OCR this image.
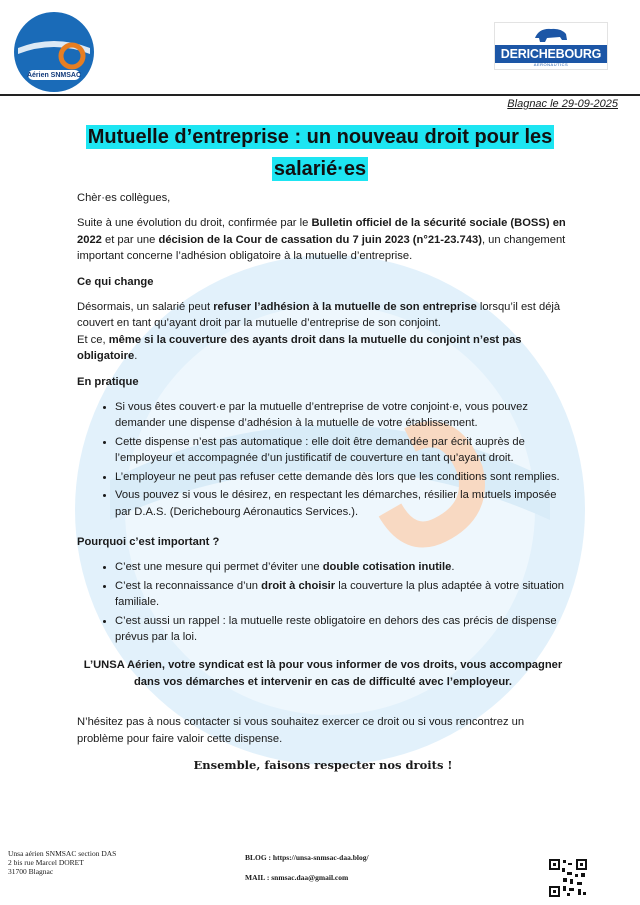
Aérien SNMSAC
DERICHEBOURG
AERONAUTICS
Blagnac le 29-09-2025
Mutuelle d’entreprise : un nouveau droit pour les salarié·es

Chèr·es collègues,

Suite à une évolution du droit, confirmée par le Bulletin officiel de la sécurité sociale (BOSS) en 2022 et par une décision de la Cour de cassation du 7 juin 2023 (n°21-23.743), un changement important concerne l’adhésion obligatoire à la mutuelle d’entreprise.

Ce qui change

Désormais, un salarié peut refuser l’adhésion à la mutuelle de son entreprise lorsqu’il est déjà couvert en tant qu’ayant droit par la mutuelle d’entreprise de son conjoint.
Et ce, même si la couverture des ayants droit dans la mutuelle du conjoint n’est pas obligatoire.

En pratique
• Si vous êtes couvert·e par la mutuelle d’entreprise de votre conjoint·e, vous pouvez demander une dispense d’adhésion à la mutuelle de votre établissement.
• Cette dispense n’est pas automatique : elle doit être demandée par écrit auprès de l’employeur et accompagnée d’un justificatif de couverture en tant qu’ayant droit.
• L’employeur ne peut pas refuser cette demande dès lors que les conditions sont remplies.
• Vous pouvez si vous le désirez, en respectant les démarches, résilier la mutuels imposée par D.A.S. (Derichebourg Aéronautics Services.).
Pourquoi c’est important ?
• C’est une mesure qui permet d’éviter une double cotisation inutile.
• C’est la reconnaissance d’un droit à choisir la couverture la plus adaptée à votre situation familiale.
• C’est aussi un rappel : la mutuelle reste obligatoire en dehors des cas précis de dispense prévus par la loi.

L’UNSA Aérien, votre syndicat est là pour vous informer de vos droits, vous accompagner dans vos démarches et intervenir en cas de difficulté avec l’employeur.

N’hésitez pas à nous contacter si vous souhaitez exercer ce droit ou si vous rencontrez un problème pour faire valoir cette dispense.

Ensemble, faisons respecter nos droits !

Unsa aérien SNMSAC section DAS
2 bis rue Marcel DORET
31700 Blagnac
BLOG : https://unsa-snmsac-daa.blog/
MAIL : snmsac.daa@gmail.com
